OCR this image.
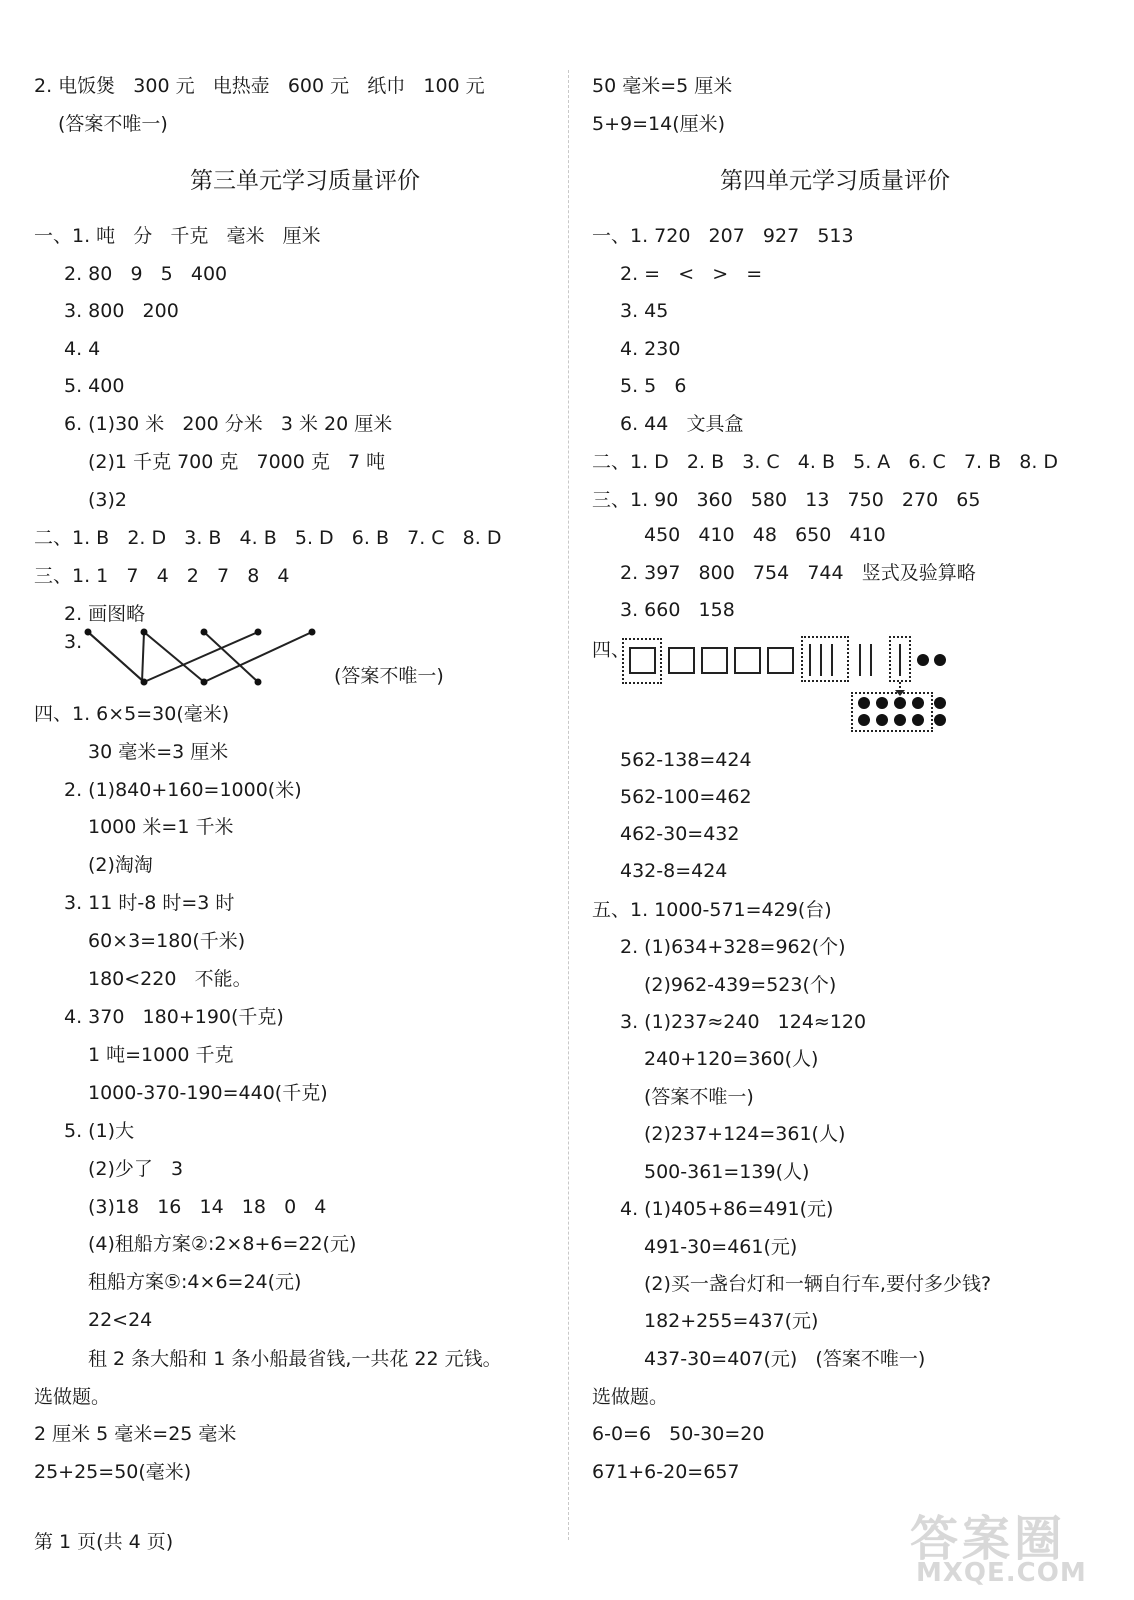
2. 电饭煲   300 元   电热壶   600 元   纸巾   100 元
(答案不唯一)
50 毫米=5 厘米
5+9=14(厘米)
第三单元学习质量评价
一、1. 吨   分   千克   毫米   厘米
2. 80   9   5   400
3. 800   200
4. 4
5. 400
6. (1)30 米   200 分米   3 米 20 厘米
(2)1 千克 700 克   7000 克   7 吨
(3)2
二、1. B   2. D   3. B   4. B   5. D   6. B   7. C   8. D
三、1. 1   7   4   2   7   8   4
2. 画图略
3.
(答案不唯一)
四、1. 6×5=30(毫米)
30 毫米=3 厘米
2. (1)840+160=1000(米)
1000 米=1 千米
(2)淘淘
3. 11 时-8 时=3 时
60×3=180(千米)
180<220   不能。
4. 370   180+190(千克)
1 吨=1000 千克
1000-370-190=440(千克)
5. (1)大
(2)少了   3
(3)18   16   14   18   0   4
(4)租船方案②:2×8+6=22(元)
租船方案⑤:4×6=24(元)
22<24
租 2 条大船和 1 条小船最省钱,一共花 22 元钱。
选做题。
2 厘米 5 毫米=25 毫米
25+25=50(毫米)
第四单元学习质量评价
一、1. 720   207   927   513
2. =   <   >   =
3. 45
4. 230
5. 5   6
6. 44   文具盒
二、1. D   2. B   3. C   4. B   5. A   6. C   7. B   8. D
三、1. 90   360   580   13   750   270   65
450   410   48   650   410
2. 397   800   754   744   竖式及验算略
3. 660   158
四、
562-138=424
562-100=462
462-30=432
432-8=424
五、1. 1000-571=429(台)
2. (1)634+328=962(个)
(2)962-439=523(个)
3. (1)237≈240   124≈120
240+120=360(人)
(答案不唯一)
(2)237+124=361(人)
500-361=139(人)
4. (1)405+86=491(元)
491-30=461(元)
(2)买一盏台灯和一辆自行车,要付多少钱?
182+255=437(元)
437-30=407(元)   (答案不唯一)
选做题。
6-0=6   50-30=20
671+6-20=657
第 1 页(共 4 页)	答案圈
MXQE.COM
